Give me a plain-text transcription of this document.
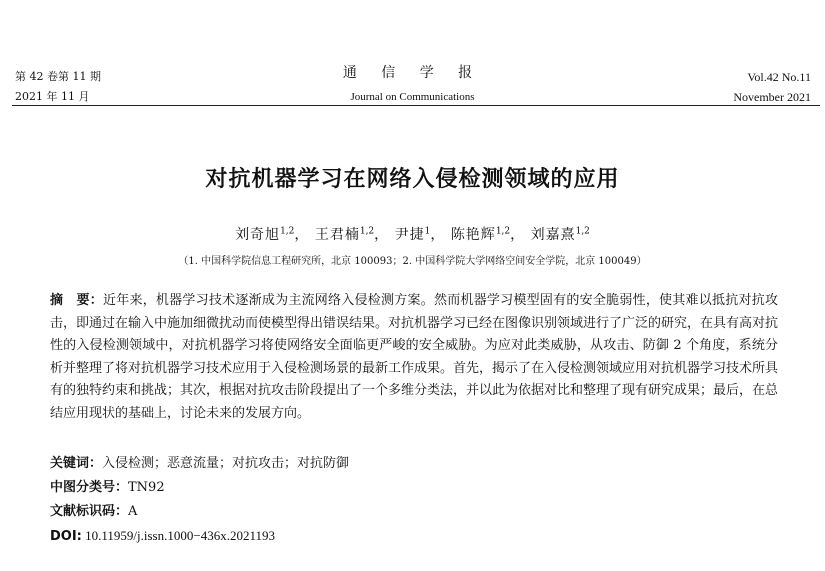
第 42 卷第 11 期
2021 年 11 月
通 信 学 报
Journal on Communications
Vol.42 No.11
November 2021
对抗机器学习在网络入侵检测领域的应用
刘奇旭$^{1,2}$， 王君楠$^{1,2}$， 尹捷$^1$， 陈艳辉$^{1,2}$， 刘嘉熹$^{1,2}$
（1. 中国科学院信息工程研究所，北京 100093；2. 中国科学院大学网络空间安全学院，北京 100049）
摘　要：近年来，机器学习技术逐渐成为主流网络入侵检测方案。然而机器学习模型固有的安全脆弱性，使其难以抵抗对抗攻击，即通过在输入中施加细微扰动而使模型得出错误结果。对抗机器学习已经在图像识别领域进行了广泛的研究，在具有高对抗性的入侵检测领域中，对抗机器学习将使网络安全面临更严峻的安全威胁。为应对此类威胁，从攻击、防御 2 个角度，系统分析并整理了将对抗机器学习技术应用于入侵检测场景的最新工作成果。首先，揭示了在入侵检测领域应用对抗机器学习技术所具有的独特约束和挑战；其次，根据对抗攻击阶段提出了一个多维分类法，并以此为依据对比和整理了现有研究成果；最后，在总结应用现状的基础上，讨论未来的发展方向。
关键词：入侵检测；恶意流量；对抗攻击；对抗防御
中图分类号：TN92
文献标识码：A
DOI: 10.11959/j.issn.1000−436x.2021193
